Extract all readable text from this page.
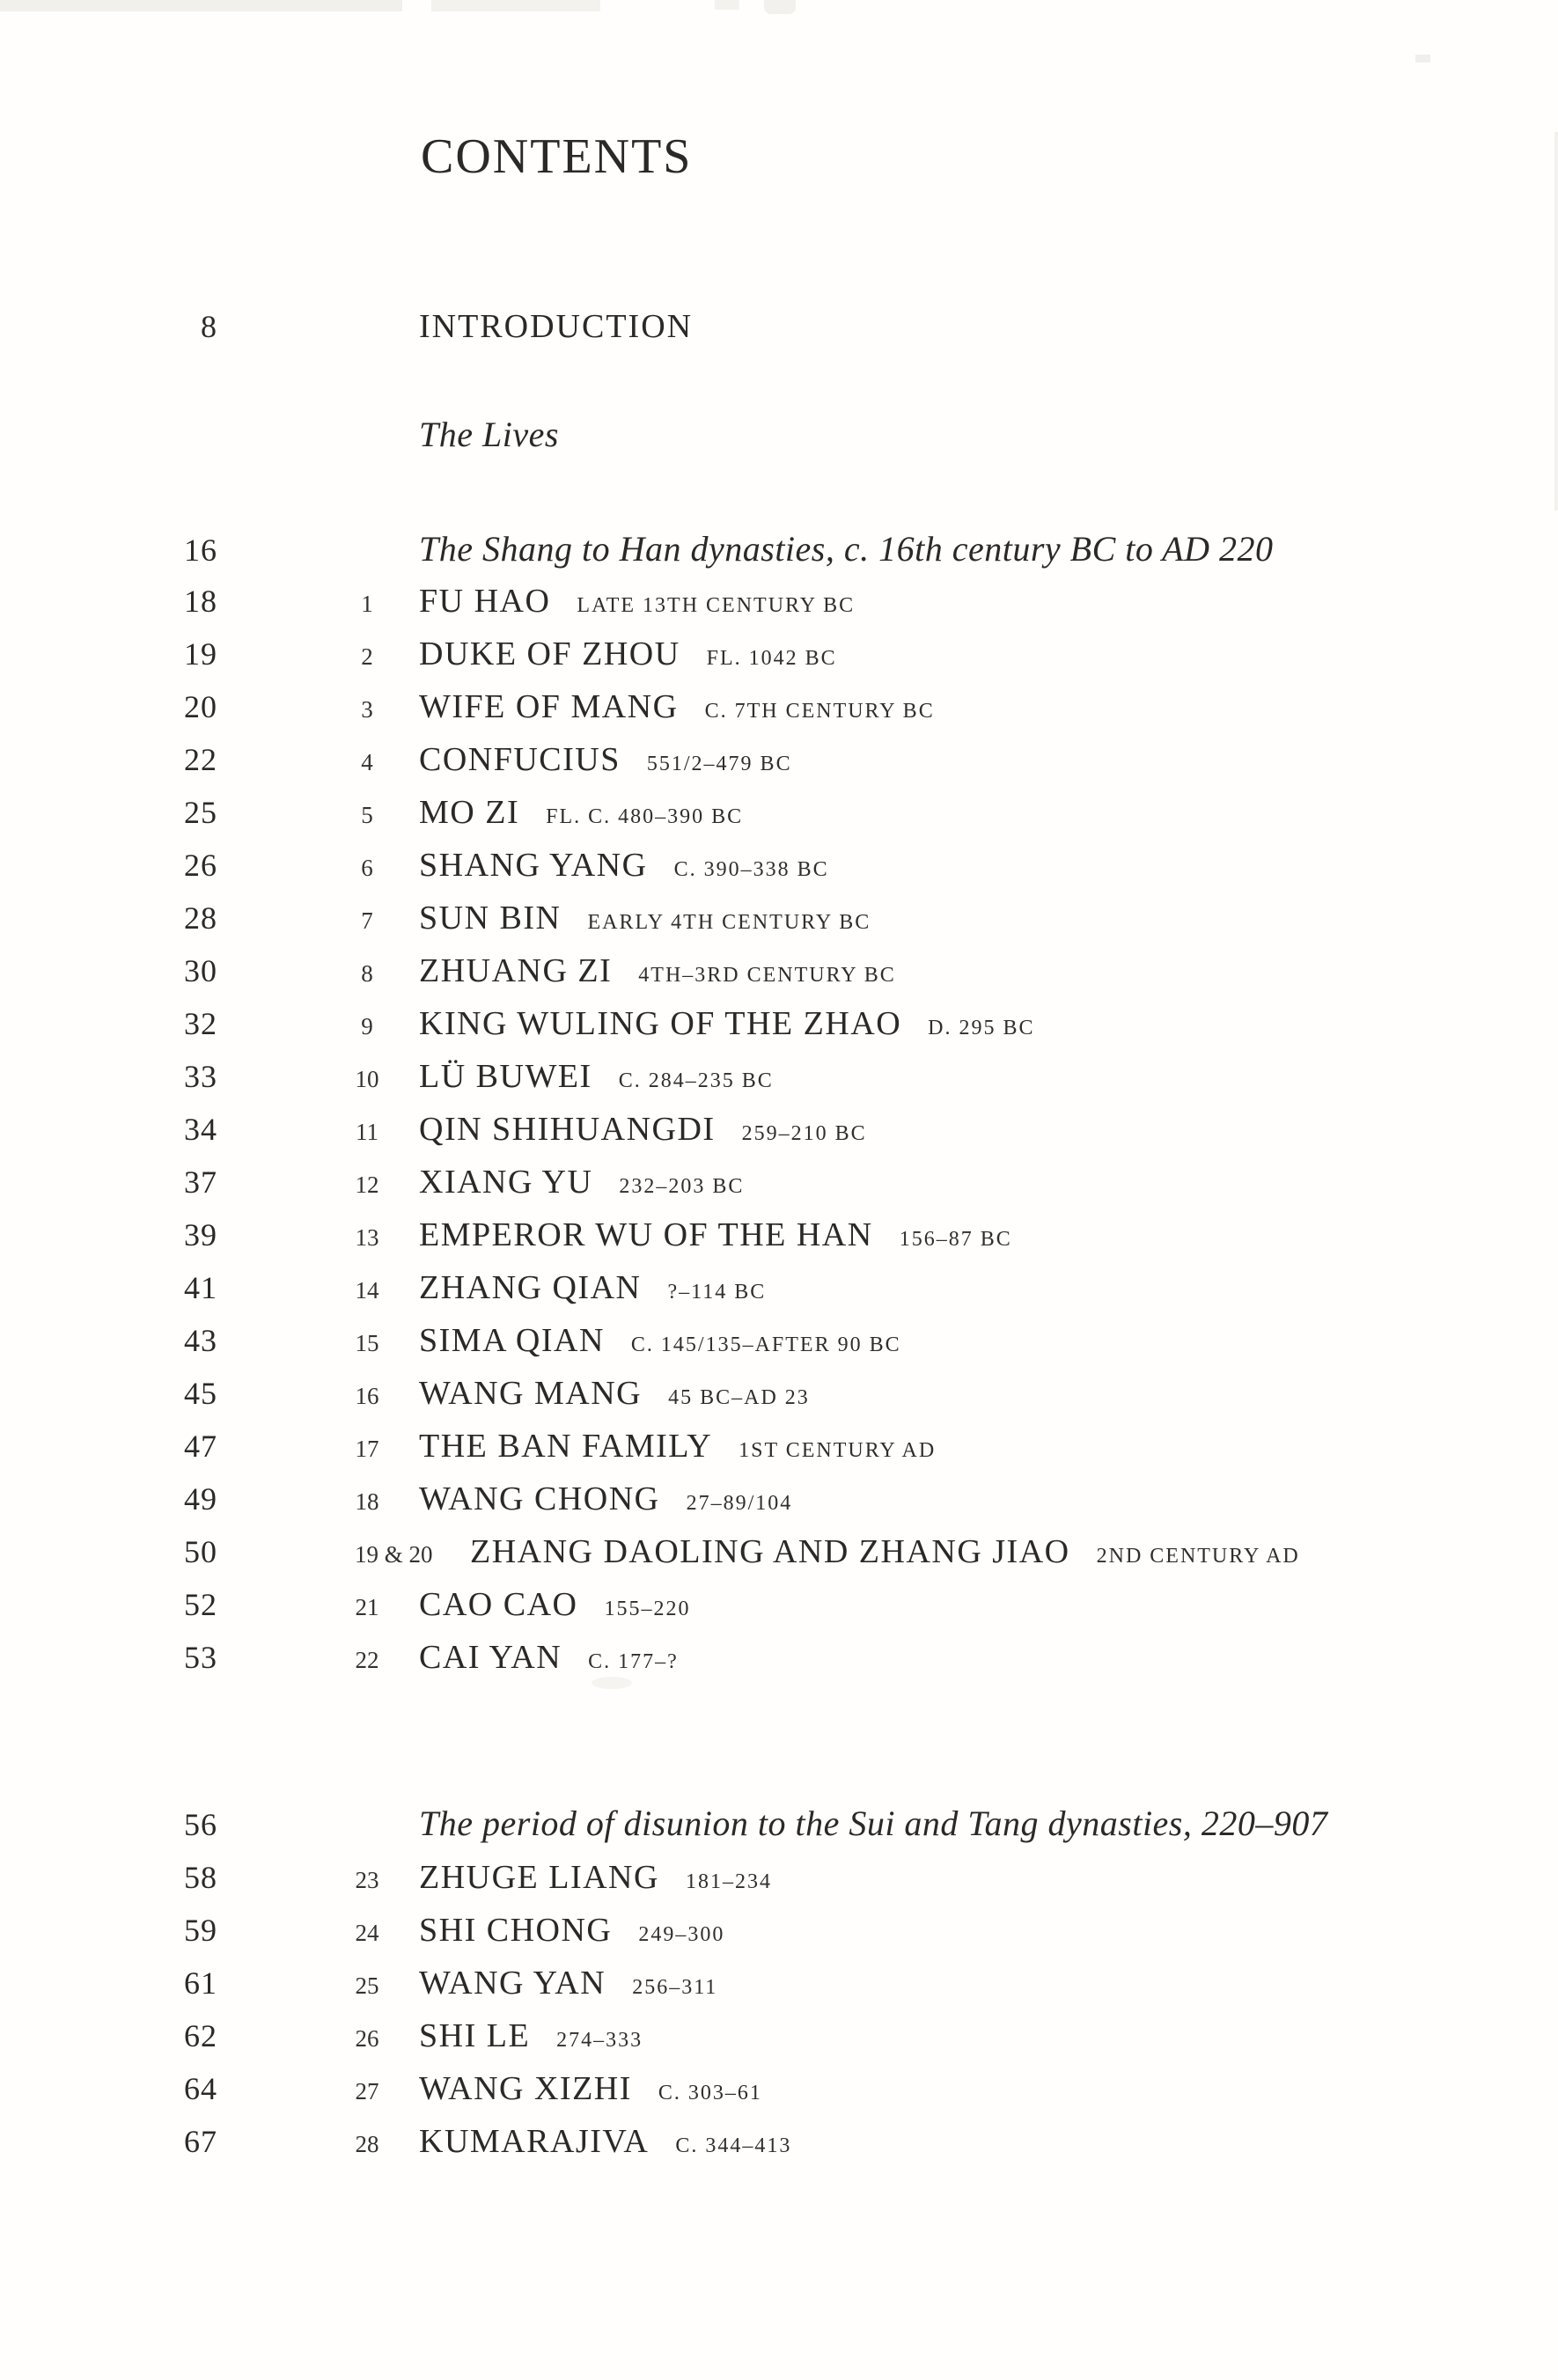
CONTENTS
8	INTRODUCTION
The Lives
16	The Shang to Han dynasties, c. 16th century BC to AD 220
18	1	FU HAO LATE 13TH CENTURY BC
19	2	DUKE OF ZHOU FL. 1042 BC
20	3	WIFE OF MANG C. 7TH CENTURY BC
22	4	CONFUCIUS 551/2–479 BC
25	5	MO ZI FL. C. 480–390 BC
26	6	SHANG YANG C. 390–338 BC
28	7	SUN BIN EARLY 4TH CENTURY BC
30	8	ZHUANG ZI 4TH–3RD CENTURY BC
32	9	KING WULING OF THE ZHAO D. 295 BC
33	10	LÜ BUWEI C. 284–235 BC
34	11	QIN SHIHUANGDI 259–210 BC
37	12	XIANG YU 232–203 BC
39	13	EMPEROR WU OF THE HAN 156–87 BC
41	14	ZHANG QIAN ?–114 BC
43	15	SIMA QIAN C. 145/135–AFTER 90 BC
45	16	WANG MANG 45 BC–AD 23
47	17	THE BAN FAMILY 1ST CENTURY AD
49	18	WANG CHONG 27–89/104
50	19 & 20	ZHANG DAOLING AND ZHANG JIAO 2ND CENTURY AD
52	21	CAO CAO 155–220
53	22	CAI YAN C. 177–?
56	The period of disunion to the Sui and Tang dynasties, 220–907
58	23	ZHUGE LIANG 181–234
59	24	SHI CHONG 249–300
61	25	WANG YAN 256–311
62	26	SHI LE 274–333
64	27	WANG XIZHI C. 303–61
67	28	KUMARAJIVA C. 344–413
